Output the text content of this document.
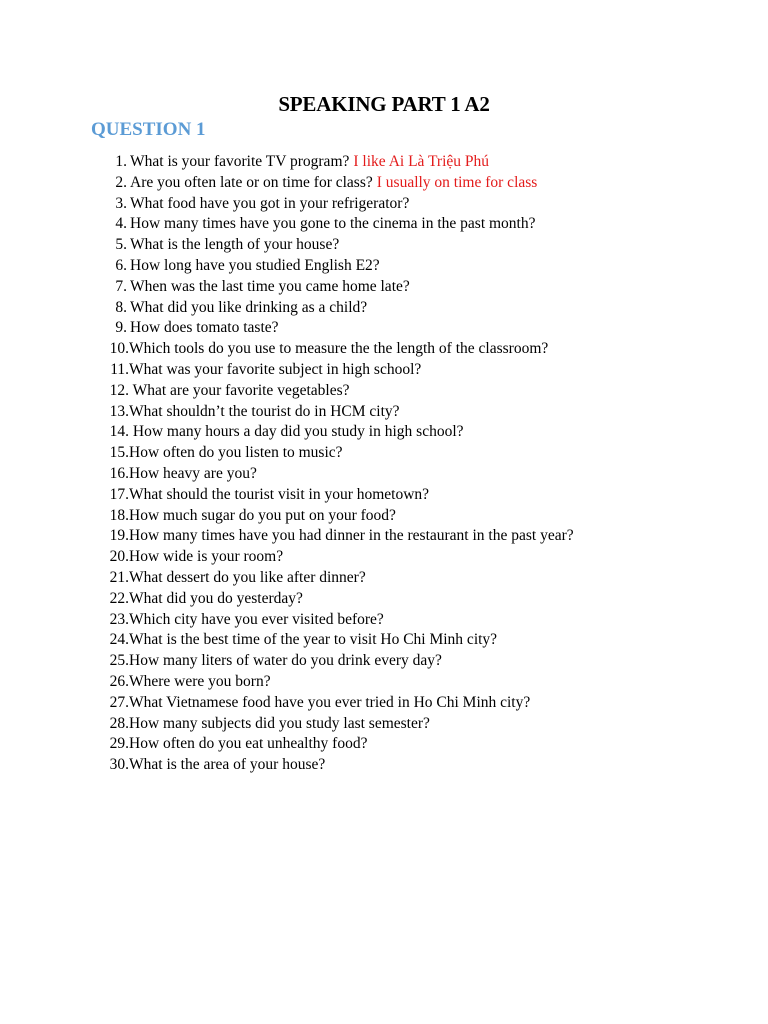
SPEAKING PART 1 A2
QUESTION 1
1. What is your favorite TV program? I like Ai Là Triệu Phú
2. Are you often late or on time for class? I usually on time for class
3. What food have you got in your refrigerator?
4. How many times have you gone to the cinema in the past month?
5. What is the length of your house?
6. How long have you studied English E2?
7. When was the last time you came home late?
8. What did you like drinking as a child?
9. How does tomato taste?
10. Which tools do you use to measure the the length of the classroom?
11. What was your favorite subject in high school?
12. What are your favorite vegetables?
13. What shouldn’t the tourist do in HCM city?
14. How many hours a day did you study in high school?
15. How often do you listen to music?
16. How heavy are you?
17. What should the tourist visit in your hometown?
18. How much sugar do you put on your food?
19. How many times have you had dinner in the restaurant in the past year?
20. How wide is your room?
21. What dessert do you like after dinner?
22. What did you do yesterday?
23. Which city have you ever visited before?
24. What is the best time of the year to visit Ho Chi Minh city?
25. How many liters of water do you drink every day?
26. Where were you born?
27. What Vietnamese food have you ever tried in Ho Chi Minh city?
28. How many subjects did you study last semester?
29. How often do you eat unhealthy food?
30. What is the area of your house?
